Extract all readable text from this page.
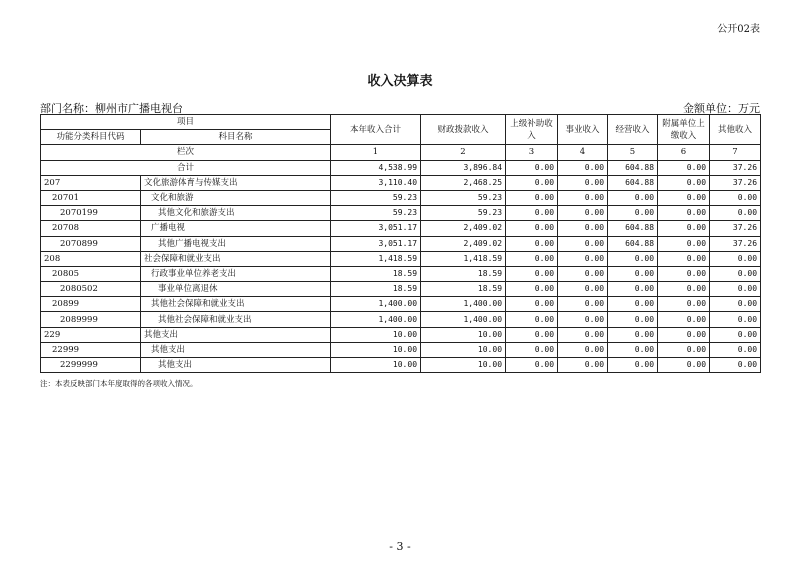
公开02表
收入决算表
部门名称：柳州市广播电视台	金额单位：万元
项目		本年收入合计	财政拨款收入	上级补助收入	事业收入	经营收入	附属单位上缴收入	其他收入
功能分类科目代码	科目名称							
栏次		1	2	3	4	5	6	7
合计		4,538.99	3,896.84	0.00	0.00	604.88	0.00	37.26
207	文化旅游体育与传媒支出	3,110.40	2,468.25	0.00	0.00	604.88	0.00	37.26
20701	文化和旅游	59.23	59.23	0.00	0.00	0.00	0.00	0.00
2070199	其他文化和旅游支出	59.23	59.23	0.00	0.00	0.00	0.00	0.00
20708	广播电视	3,051.17	2,409.02	0.00	0.00	604.88	0.00	37.26
2070899	其他广播电视支出	3,051.17	2,409.02	0.00	0.00	604.88	0.00	37.26
208	社会保障和就业支出	1,418.59	1,418.59	0.00	0.00	0.00	0.00	0.00
20805	行政事业单位养老支出	18.59	18.59	0.00	0.00	0.00	0.00	0.00
2080502	事业单位离退休	18.59	18.59	0.00	0.00	0.00	0.00	0.00
20899	其他社会保障和就业支出	1,400.00	1,400.00	0.00	0.00	0.00	0.00	0.00
2089999	其他社会保障和就业支出	1,400.00	1,400.00	0.00	0.00	0.00	0.00	0.00
229	其他支出	10.00	10.00	0.00	0.00	0.00	0.00	0.00
22999	其他支出	10.00	10.00	0.00	0.00	0.00	0.00	0.00
2299999	其他支出	10.00	10.00	0.00	0.00	0.00	0.00	0.00
注：本表反映部门本年度取得的各项收入情况。
- 3 -
